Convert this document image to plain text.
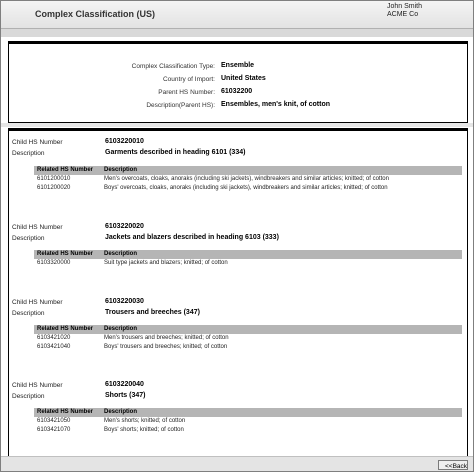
Complex Classification (US)
John Smith
ACME Co
Complex Classification Type: Ensemble
Country of Import: United States
Parent HS Number: 61032200
Description(Parent HS): Ensembles, men's knit, of cotton
Child HS Number	6103220010
Description	Garments described in heading 6101 (334)
Related HS Number Description
6101200010	Men's overcoats, cloaks, anoraks (including ski jackets), windbreakers and similar articles; knitted; of cotton
6101200020	Boys' overcoats, cloaks, anoraks (including ski jackets), windbreakers and similar articles; knitted; of cotton
Child HS Number	6103220020
Description	Jackets and blazers described in heading 6103 (333)
Related HS Number Description
6103320000	Suit type jackets and blazers; knitted; of cotton
Child HS Number	6103220030
Description	Trousers and breeches (347)
Related HS Number Description
6103421020	Men's trousers and breeches; knitted; of cotton
6103421040	Boys' trousers and breeches; knitted; of cotton
Child HS Number	6103220040
Description	Shorts (347)
Related HS Number Description
6103421050	Men's shorts; knitted; of cotton
6103421070	Boys' shorts; knitted; of cotton
<<Back
